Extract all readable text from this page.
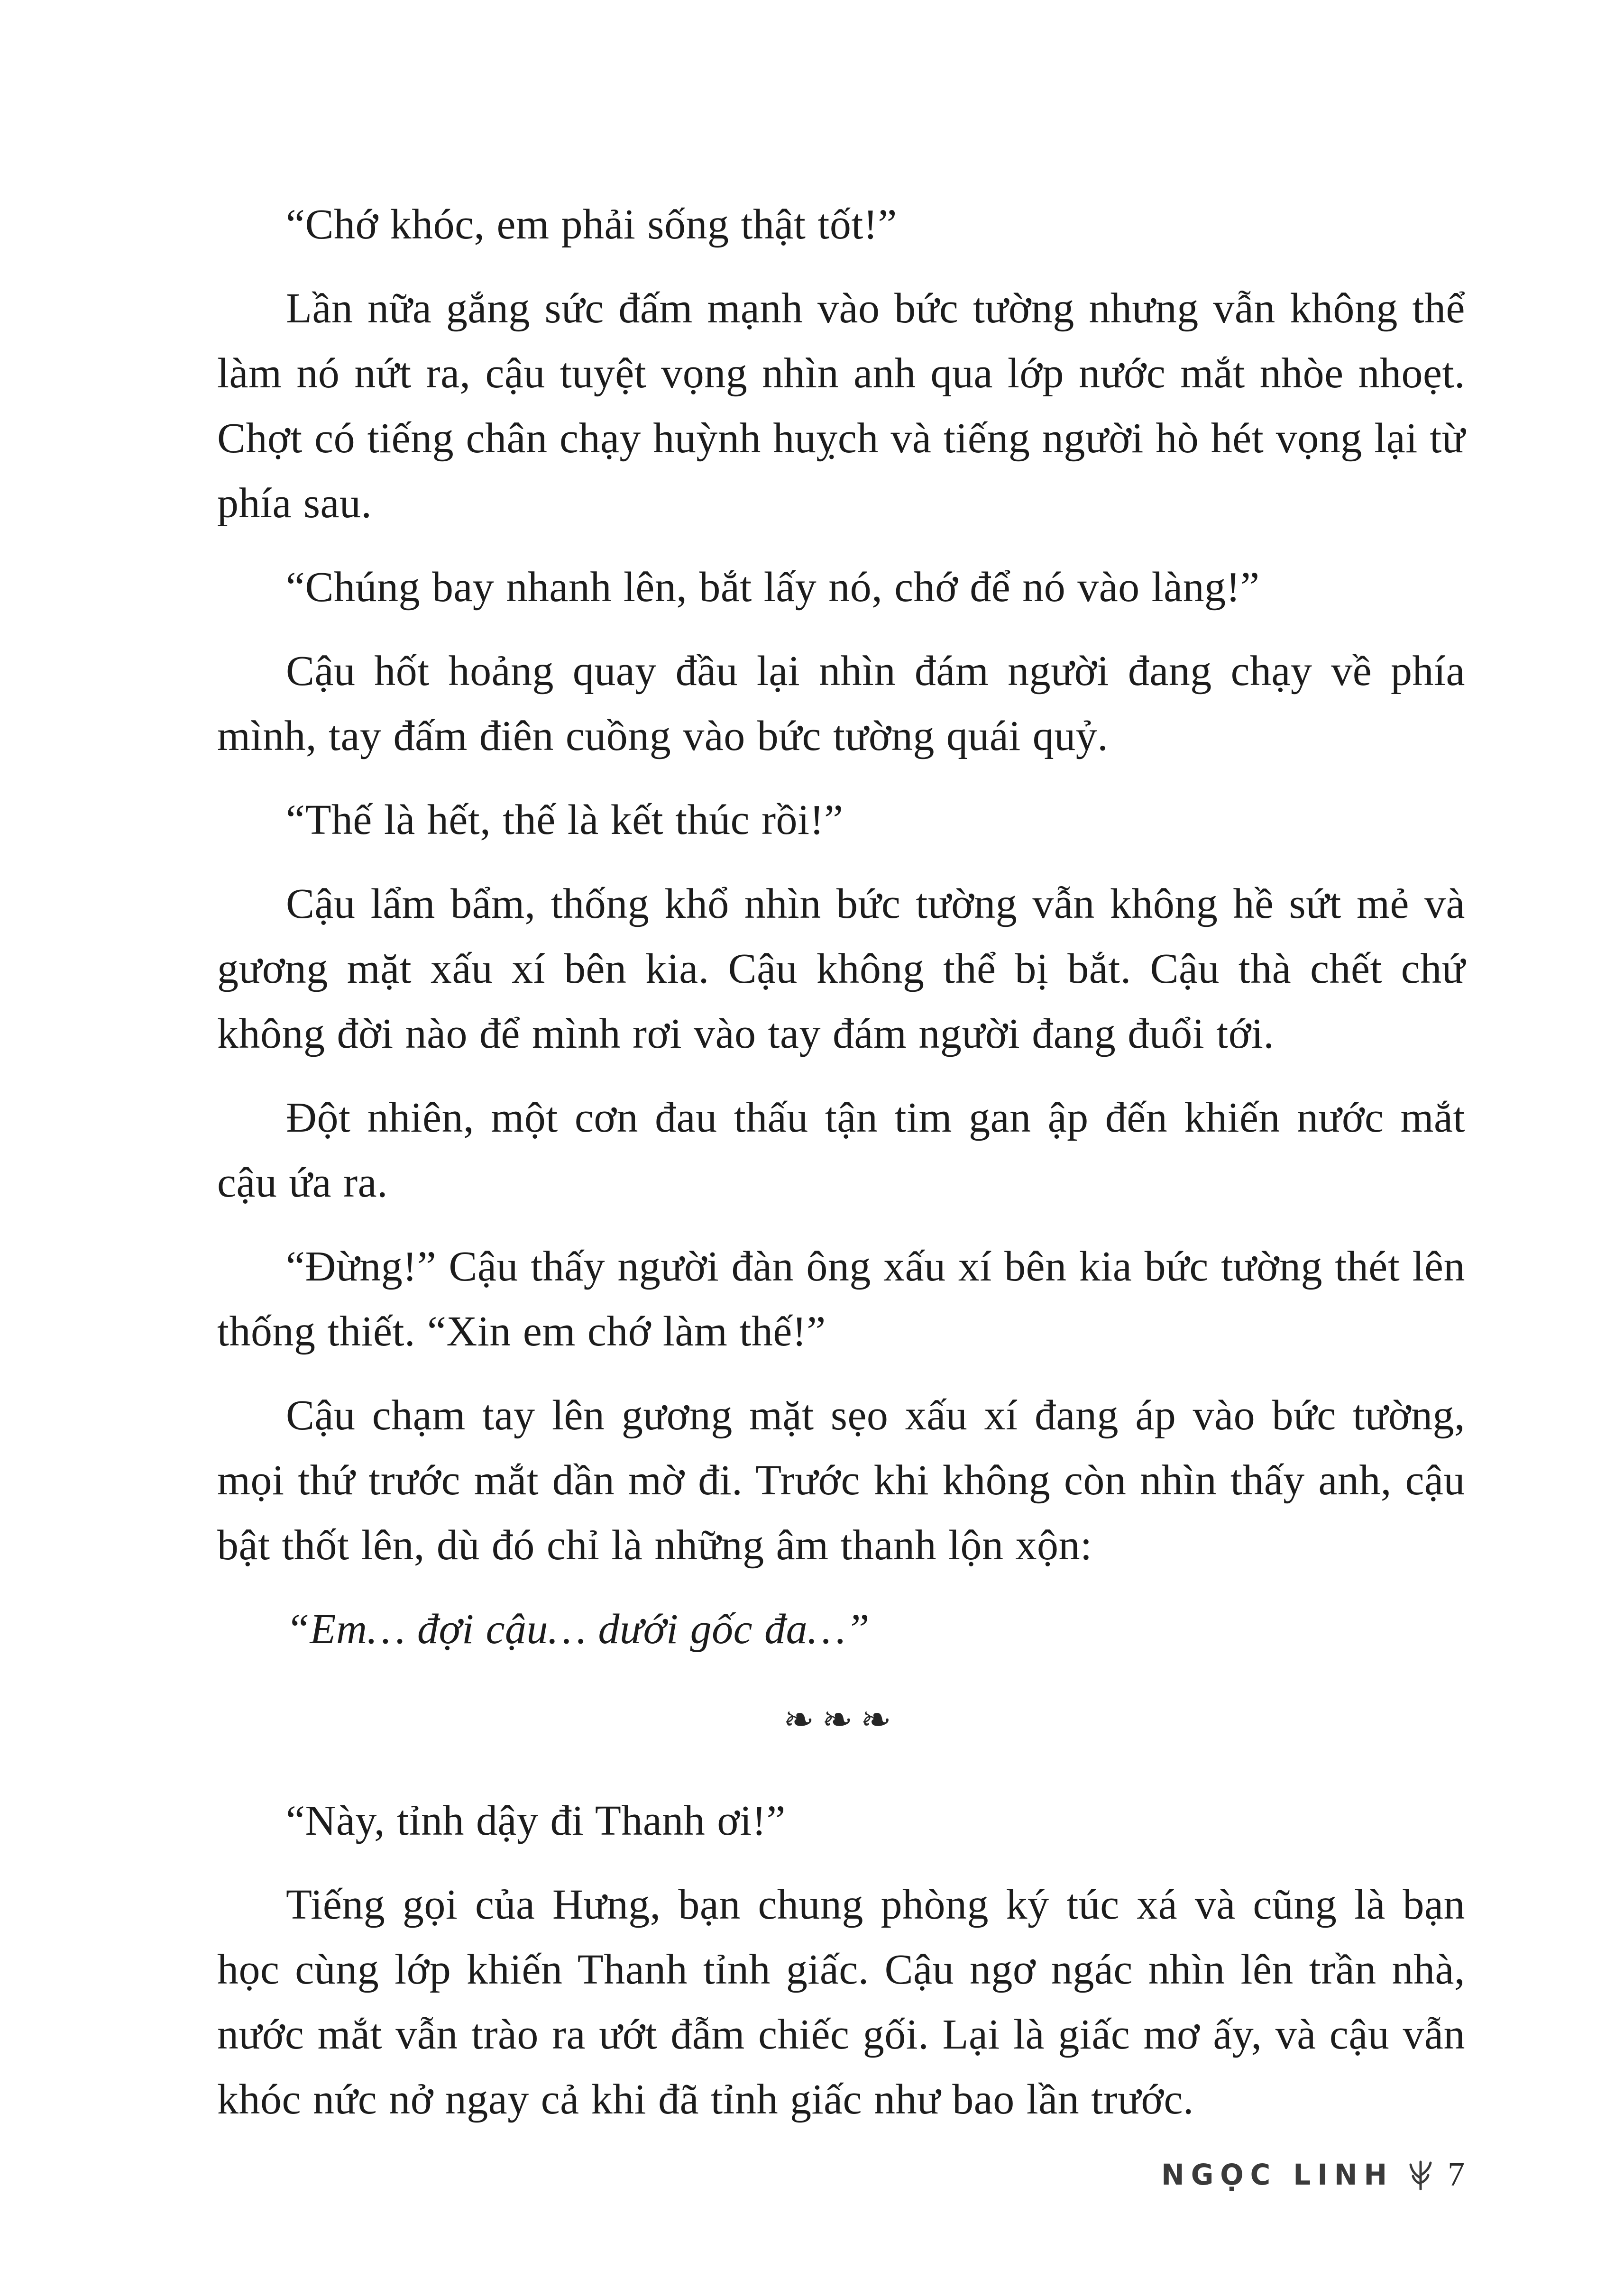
“Chớ khóc, em phải sống thật tốt!”

Lần nữa gắng sức đấm mạnh vào bức tường nhưng vẫn không thể làm nó nứt ra, cậu tuyệt vọng nhìn anh qua lớp nước mắt nhòe nhoẹt. Chợt có tiếng chân chạy huỳnh huỵch và tiếng người hò hét vọng lại từ phía sau.

“Chúng bay nhanh lên, bắt lấy nó, chớ để nó vào làng!”

Cậu hốt hoảng quay đầu lại nhìn đám người đang chạy về phía mình, tay đấm điên cuồng vào bức tường quái quỷ.

“Thế là hết, thế là kết thúc rồi!”

Cậu lẩm bẩm, thống khổ nhìn bức tường vẫn không hề sứt mẻ và gương mặt xấu xí bên kia. Cậu không thể bị bắt. Cậu thà chết chứ không đời nào để mình rơi vào tay đám người đang đuổi tới.

Đột nhiên, một cơn đau thấu tận tim gan ập đến khiến nước mắt cậu ứa ra.

“Đừng!” Cậu thấy người đàn ông xấu xí bên kia bức tường thét lên thống thiết. “Xin em chớ làm thế!”

Cậu chạm tay lên gương mặt sẹo xấu xí đang áp vào bức tường, mọi thứ trước mắt dần mờ đi. Trước khi không còn nhìn thấy anh, cậu bật thốt lên, dù đó chỉ là những âm thanh lộn xộn:

“Em… đợi cậu… dưới gốc đa…”

❧❧❧

“Này, tỉnh dậy đi Thanh ơi!”

Tiếng gọi của Hưng, bạn chung phòng ký túc xá và cũng là bạn học cùng lớp khiến Thanh tỉnh giấc. Cậu ngơ ngác nhìn lên trần nhà, nước mắt vẫn trào ra ướt đẫm chiếc gối. Lại là giấc mơ ấy, và cậu vẫn khóc nức nở ngay cả khi đã tỉnh giấc như bao lần trước.

NGỌC LINH 7
